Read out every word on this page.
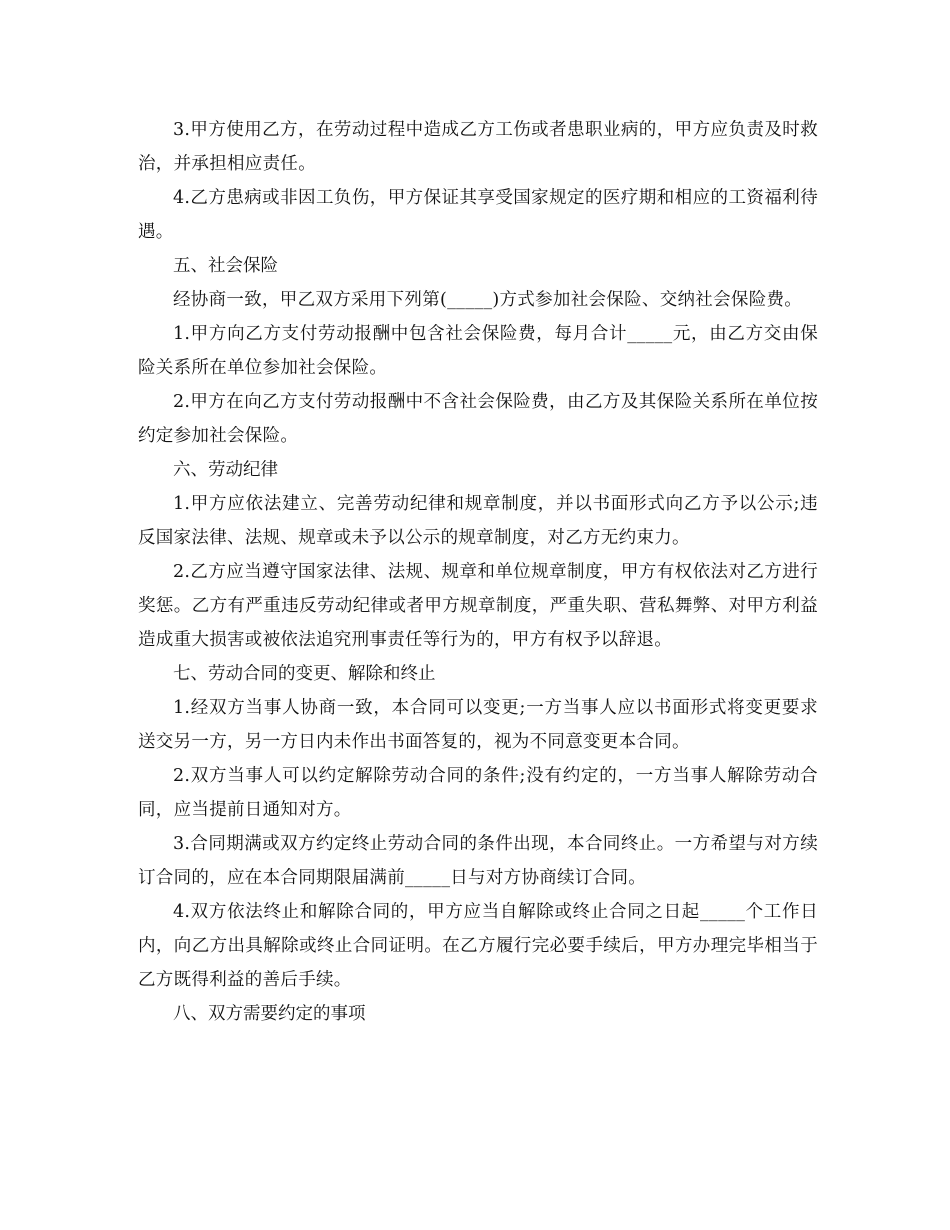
3.甲方使用乙方，在劳动过程中造成乙方工伤或者患职业病的，甲方应负责及时救治，并承担相应责任。

4.乙方患病或非因工负伤，甲方保证其享受国家规定的医疗期和相应的工资福利待遇。

五、社会保险

经协商一致，甲乙双方采用下列第(_____)方式参加社会保险、交纳社会保险费。

1.甲方向乙方支付劳动报酬中包含社会保险费，每月合计_____元，由乙方交由保险关系所在单位参加社会保险。

2.甲方在向乙方支付劳动报酬中不含社会保险费，由乙方及其保险关系所在单位按约定参加社会保险。

六、劳动纪律

1.甲方应依法建立、完善劳动纪律和规章制度，并以书面形式向乙方予以公示;违反国家法律、法规、规章或未予以公示的规章制度，对乙方无约束力。

2.乙方应当遵守国家法律、法规、规章和单位规章制度，甲方有权依法对乙方进行奖惩。乙方有严重违反劳动纪律或者甲方规章制度，严重失职、营私舞弊、对甲方利益造成重大损害或被依法追究刑事责任等行为的，甲方有权予以辞退。

七、劳动合同的变更、解除和终止

1.经双方当事人协商一致，本合同可以变更;一方当事人应以书面形式将变更要求送交另一方，另一方日内未作出书面答复的，视为不同意变更本合同。

2.双方当事人可以约定解除劳动合同的条件;没有约定的，一方当事人解除劳动合同，应当提前日通知对方。

3.合同期满或双方约定终止劳动合同的条件出现，本合同终止。一方希望与对方续订合同的，应在本合同期限届满前_____日与对方协商续订合同。

4.双方依法终止和解除合同的，甲方应当自解除或终止合同之日起_____个工作日内，向乙方出具解除或终止合同证明。在乙方履行完必要手续后，甲方办理完毕相当于乙方既得利益的善后手续。

八、双方需要约定的事项
